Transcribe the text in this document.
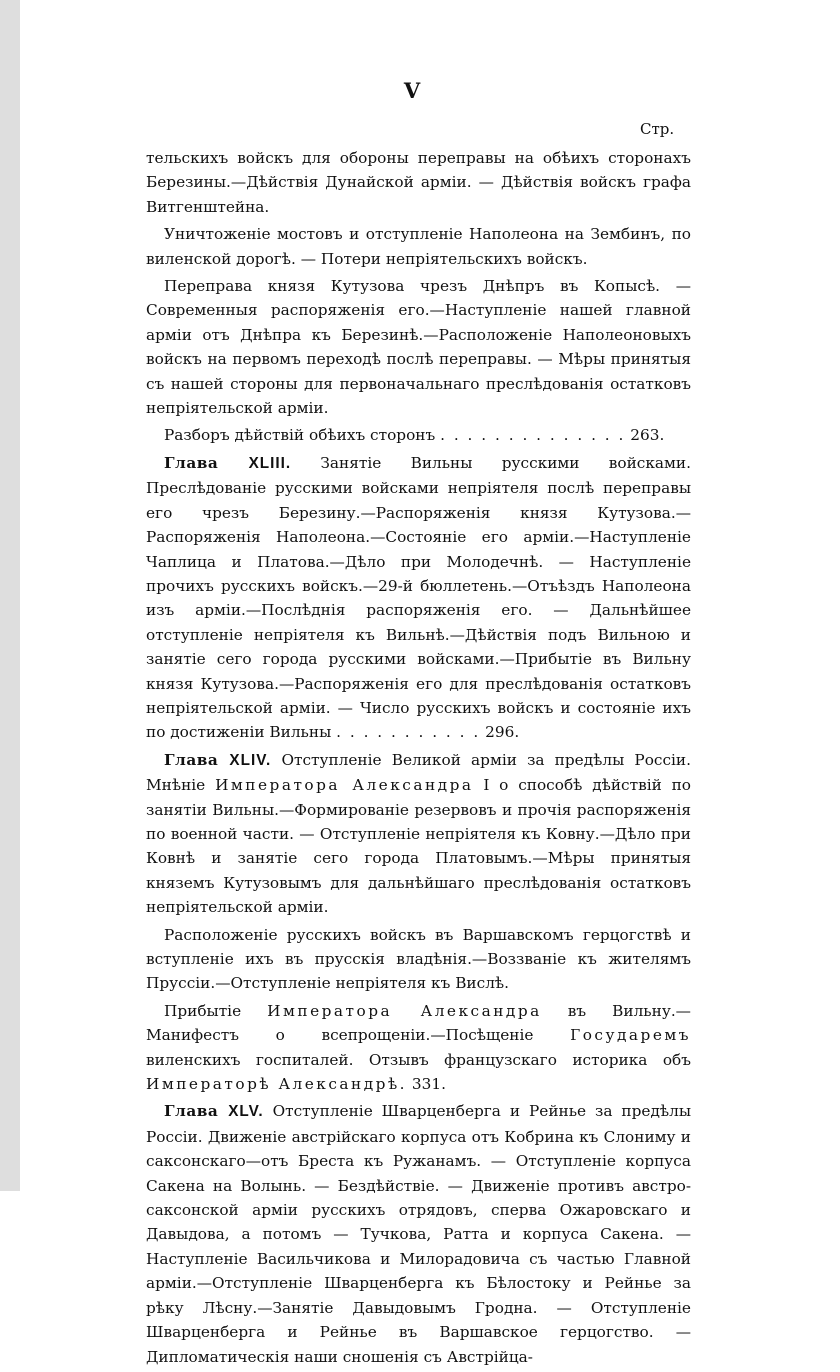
V
Стр.

тельскихъ войскъ для обороны переправы на обѣихъ сторонахъ Березины.—Дѣйствія Дунайской арміи. — Дѣйствія войскъ графа Витгенштейна.

Уничтоженіе мостовъ и отступленіе Наполеона на Зембинъ, по виленской дорогѣ. — Потери непріятельскихъ войскъ.

Переправа князя Кутузова чрезъ Днѣпръ въ Копысѣ. — Современныя распоряженія его.—Наступленіе нашей главной арміи отъ Днѣпра къ Березинѣ.—Расположеніе Наполеоновыхъ войскъ на первомъ переходѣ послѣ переправы. — Мѣры принятыя съ нашей стороны для первоначальнаго преслѣдованія остатковъ непріятельской арміи.

Разборъ дѣйствій обѣихъ сторонъ . . . . . . . . . . . . . . 263.

Глава XLIII. Занятіе Вильны русскими войсками. Преслѣдованіе русскими войсками непріятеля послѣ переправы его чрезъ Березину.—Распоряженія князя Кутузова.—Распоряженія Наполеона.—Состояніе его арміи.—Наступленіе Чаплица и Платова.—Дѣло при Молодечнѣ. — Наступленіе прочихъ русскихъ войскъ.—29-й бюллетень.—Отъѣздъ Наполеона изъ арміи.—Послѣднія распоряженія его. — Дальнѣйшее отступленіе непріятеля къ Вильнѣ.—Дѣйствія подъ Вильною и занятіе сего города русскими войсками.—Прибытіе въ Вильну князя Кутузова.—Распоряженія его для преслѣдованія остатковъ непріятельской арміи. — Число русскихъ войскъ и состояніе ихъ по достиженіи Вильны . . . . . . . . . . . 296.

Глава XLIV. Отступленіе Великой арміи за предѣлы Россіи. Мнѣніе Императора Александра I о способѣ дѣйствій по занятіи Вильны.—Формированіе резервовъ и прочія распоряженія по военной части. — Отступленіе непріятеля къ Ковну.—Дѣло при Ковнѣ и занятіе сего города Платовымъ.—Мѣры принятыя княземъ Кутузовымъ для дальнѣйшаго преслѣдованія остатковъ непріятельской арміи.

Расположеніе русскихъ войскъ въ Варшавскомъ герцогствѣ и вступленіе ихъ въ прусскія владѣнія.—Воззваніе къ жителямъ Пруссіи.—Отступленіе непріятеля къ Вислѣ.

Прибытіе Императора Александра въ Вильну.—Манифестъ о всепрощеніи.—Посѣщеніе Государемъ виленскихъ госпиталей. Отзывъ французскаго историка объ Императорѣ Александрѣ. 331.

Глава XLV. Отступленіе Шварценберга и Рейнье за предѣлы Россіи. Движеніе австрійскаго корпуса отъ Кобрина къ Слониму и саксонскаго—отъ Бреста къ Ружанамъ. — Отступленіе корпуса Сакена на Волынь. — Бездѣйствіе. — Движеніе противъ австро-саксонской арміи русскихъ отрядовъ, сперва Ожаровскаго и Давыдова, а потомъ — Тучкова, Ратта и корпуса Сакена. — Наступленіе Васильчикова и Милорадовича съ частью Главной арміи.—Отступленіе Шварценберга къ Бѣлостоку и Рейнье за рѣку Лѣсну.—Занятіе Давыдовымъ Гродна. — Отступленіе Шварценберга и Рейнье въ Варшавское герцогство. — Дипломатическія наши сношенія съ Австрійца-
